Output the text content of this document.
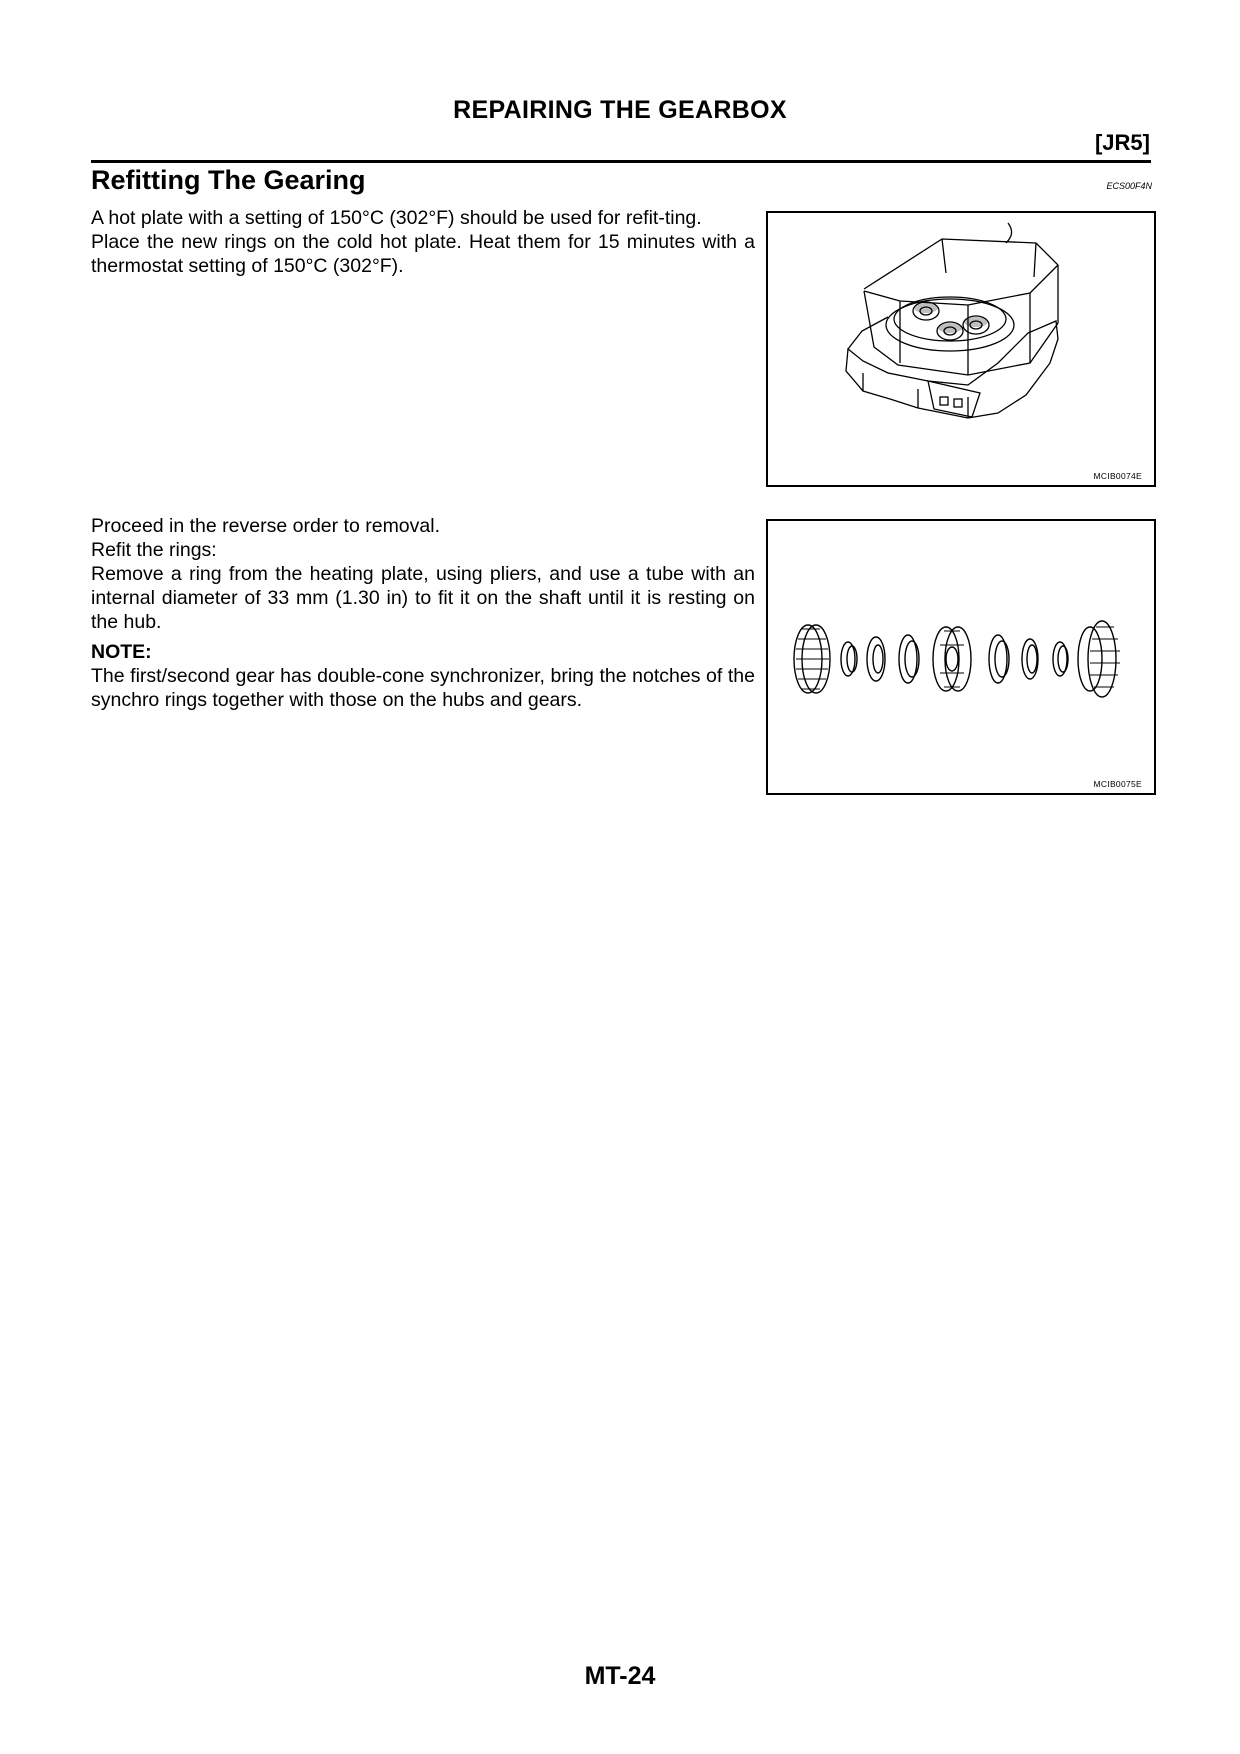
REPAIRING THE GEARBOX
[JR5]
Refitting The Gearing	ECS00F4N

A hot plate with a setting of 150°C (302°F) should be used for refit-ting.

Place the new rings on the cold hot plate. Heat them for 15 minutes with a thermostat setting of 150°C (302°F).

Proceed in the reverse order to removal.

Refit the rings:

Remove a ring from the heating plate, using pliers, and use a tube with an internal diameter of 33 mm (1.30 in) to fit it on the shaft until it is resting on the hub.

NOTE:

The first/second gear has double-cone synchronizer, bring the notches of the synchro rings together with those on the hubs and gears.

MCIB0074E
MCIB0075E
MT-24
